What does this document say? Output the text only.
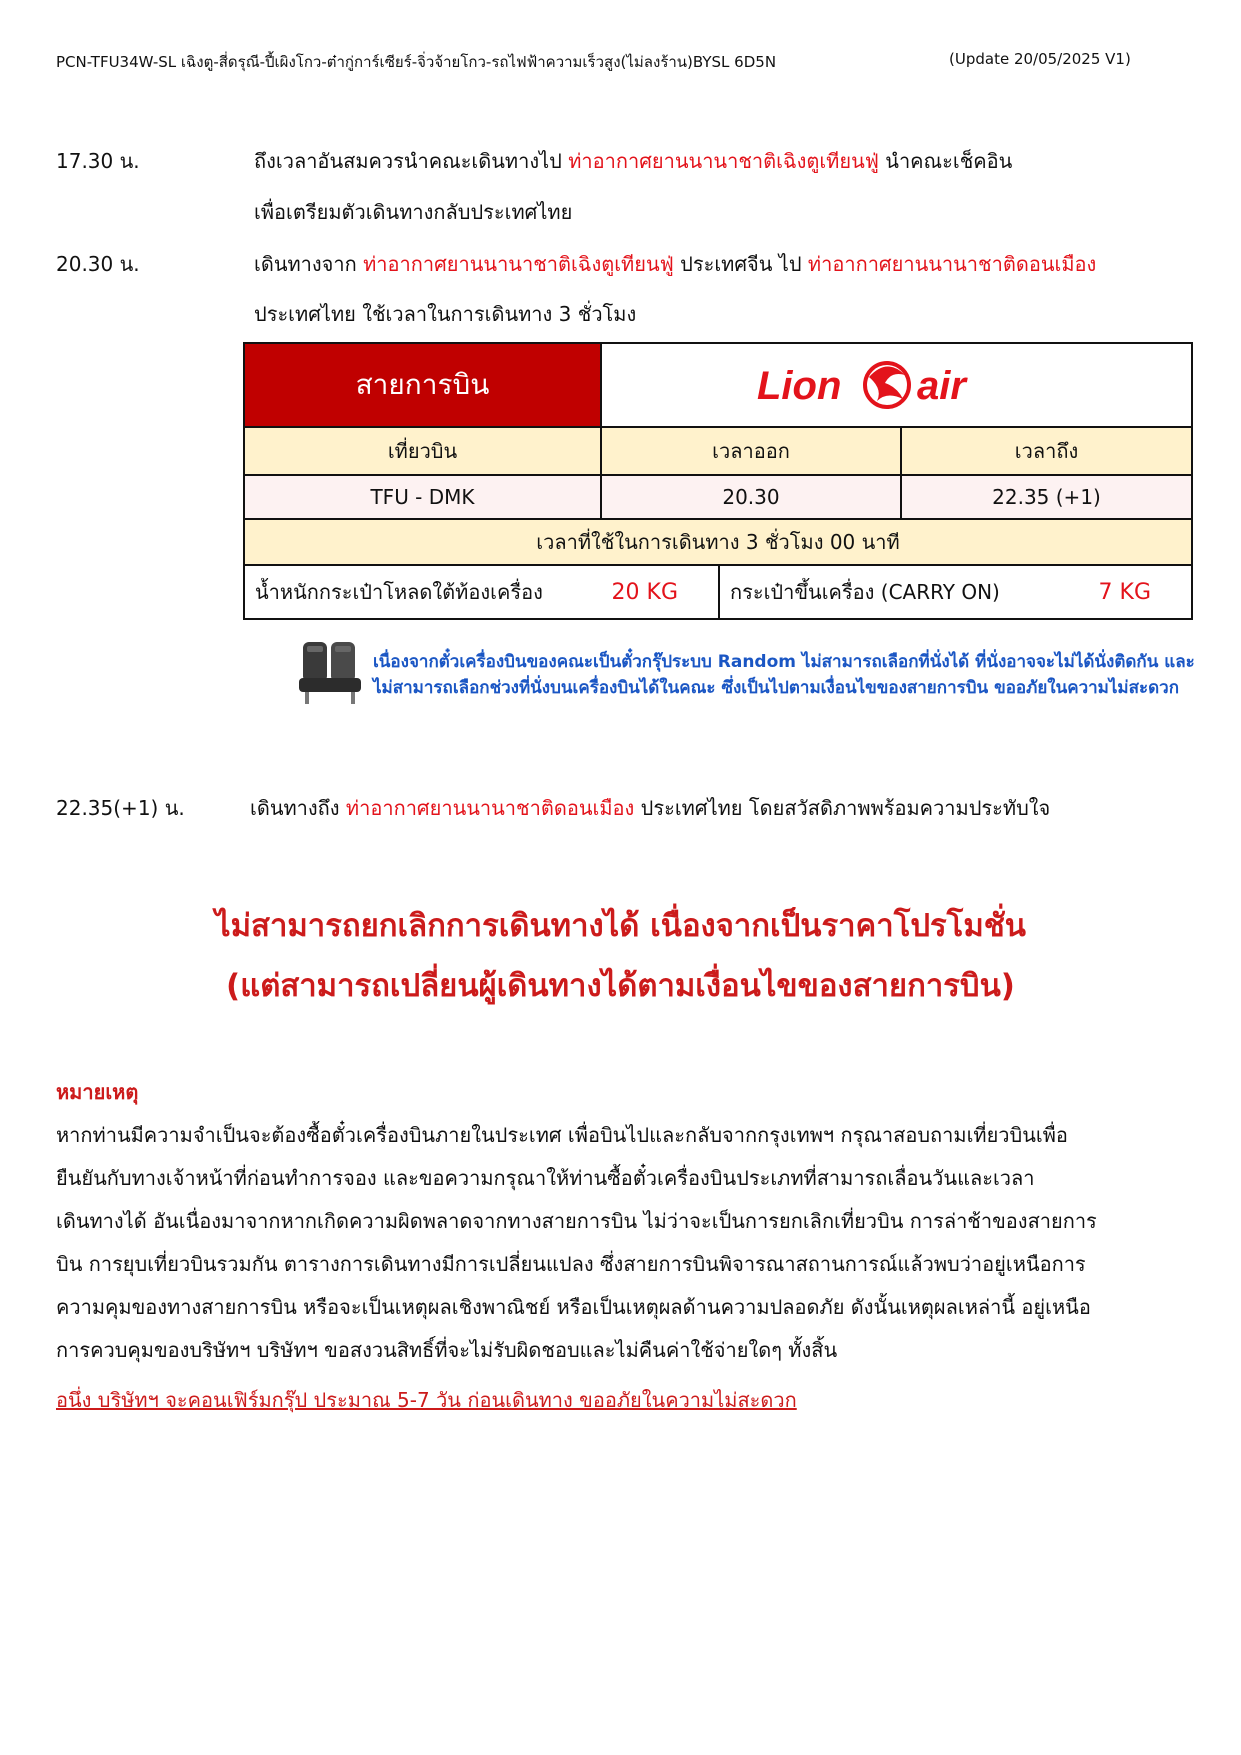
PCN-TFU34W-SL เฉิงตู-สี่ดรุณี-ปี้เผิงโกว-ต๋ากู่การ์เซียร์-จิ่วจ้ายโกว-รถไฟฟ้าความเร็วสูง(ไม่ลงร้าน)BYSL 6D5N	(Update 20/05/2025 V1)
17.30 น.	ถึงเวลาอันสมควรนำคณะเดินทางไป ท่าอากาศยานนานาชาติเฉิงตูเทียนฟู่ นำคณะเช็คอิน
เพื่อเตรียมตัวเดินทางกลับประเทศไทย
20.30 น.	เดินทางจาก ท่าอากาศยานนานาชาติเฉิงตูเทียนฟู่ ประเทศจีน ไป ท่าอากาศยานนานาชาติดอนเมือง
ประเทศไทย ใช้เวลาในการเดินทาง 3 ชั่วโมง
สายการบิน	Lion air
เที่ยวบิน	เวลาออก	เวลาถึง
TFU - DMK	20.30	22.35 (+1)
เวลาที่ใช้ในการเดินทาง 3 ชั่วโมง 00 นาที
น้ำหนักกระเป๋าโหลดใต้ท้องเครื่อง	20 KG	กระเป๋าขึ้นเครื่อง (CARRY ON)	7 KG
เนื่องจากตั๋วเครื่องบินของคณะเป็นตั๋วกรุ๊ประบบ Random ไม่สามารถเลือกที่นั่งได้ ที่นั่งอาจจะไม่ได้นั่งติดกัน และ
ไม่สามารถเลือกช่วงที่นั่งบนเครื่องบินได้ในคณะ ซึ่งเป็นไปตามเงื่อนไขของสายการบิน ขออภัยในความไม่สะดวก
22.35(+1) น.	เดินทางถึง ท่าอากาศยานนานาชาติดอนเมือง ประเทศไทย โดยสวัสดิภาพพร้อมความประทับใจ
ไม่สามารถยกเลิกการเดินทางได้ เนื่องจากเป็นราคาโปรโมชั่น
(แต่สามารถเปลี่ยนผู้เดินทางได้ตามเงื่อนไขของสายการบิน)
หมายเหตุ
หากท่านมีความจำเป็นจะต้องซื้อตั๋วเครื่องบินภายในประเทศ เพื่อบินไปและกลับจากกรุงเทพฯ กรุณาสอบถามเที่ยวบินเพื่อ
ยืนยันกับทางเจ้าหน้าที่ก่อนทำการจอง และขอความกรุณาให้ท่านซื้อตั๋วเครื่องบินประเภทที่สามารถเลื่อนวันและเวลา
เดินทางได้ อันเนื่องมาจากหากเกิดความผิดพลาดจากทางสายการบิน ไม่ว่าจะเป็นการยกเลิกเที่ยวบิน การล่าช้าของสายการ
บิน การยุบเที่ยวบินรวมกัน ตารางการเดินทางมีการเปลี่ยนแปลง ซึ่งสายการบินพิจารณาสถานการณ์แล้วพบว่าอยู่เหนือการ
ความคุมของทางสายการบิน หรือจะเป็นเหตุผลเชิงพาณิชย์ หรือเป็นเหตุผลด้านความปลอดภัย ดังนั้นเหตุผลเหล่านี้ อยู่เหนือ
การควบคุมของบริษัทฯ บริษัทฯ ขอสงวนสิทธิ์ที่จะไม่รับผิดชอบและไม่คืนค่าใช้จ่ายใดๆ ทั้งสิ้น
อนึ่ง บริษัทฯ จะคอนเฟิร์มกรุ๊ป ประมาณ 5-7 วัน ก่อนเดินทาง ขออภัยในความไม่สะดวก
